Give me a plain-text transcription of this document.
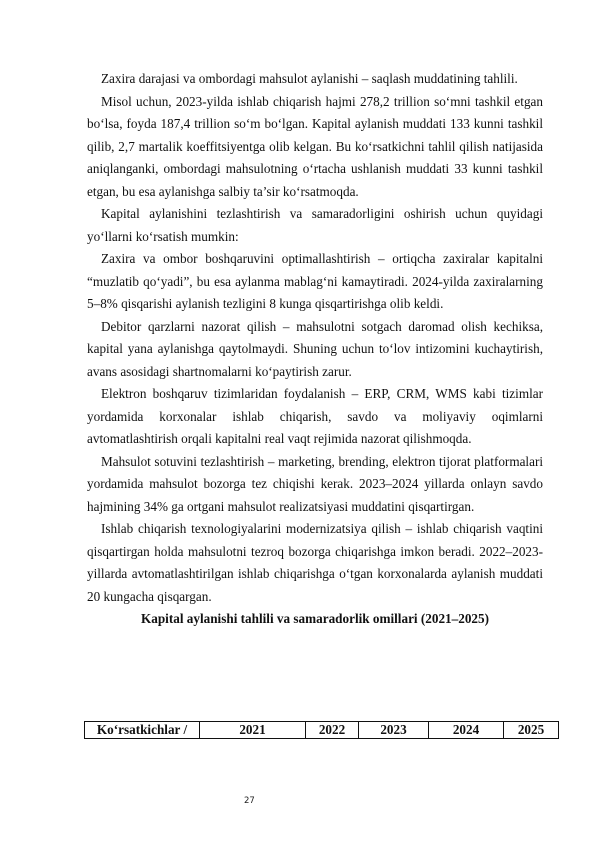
Zaxira darajasi va ombordagi mahsulot aylanishi – saqlash muddatining tahlili.

Misol uchun, 2023-yilda ishlab chiqarish hajmi 278,2 trillion so‘mni tashkil etgan bo‘lsa, foyda 187,4 trillion so‘m bo‘lgan. Kapital aylanish muddati 133 kunni tashkil qilib, 2,7 martalik koeffitsiyentga olib kelgan. Bu ko‘rsatkichni tahlil qilish natijasida aniqlanganki, ombordagi mahsulotning o‘rtacha ushlanish muddati 33 kunni tashkil etgan, bu esa aylanishga salbiy ta’sir ko‘rsatmoqda.

Kapital aylanishini tezlashtirish va samaradorligini oshirish uchun quyidagi yo‘llarni ko‘rsatish mumkin:

Zaxira va ombor boshqaruvini optimallashtirish – ortiqcha zaxiralar kapitalni “muzlatib qo‘yadi”, bu esa aylanma mablag‘ni kamaytiradi. 2024-yilda zaxiralarning 5–8% qisqarishi aylanish tezligini 8 kunga qisqartirishga olib keldi.

Debitor qarzlarni nazorat qilish – mahsulotni sotgach daromad olish kechiksa, kapital yana aylanishga qaytolmaydi. Shuning uchun to‘lov intizomini kuchaytirish, avans asosidagi shartnomalarni ko‘paytirish zarur.

Elektron boshqaruv tizimlaridan foydalanish – ERP, CRM, WMS kabi tizimlar yordamida korxonalar ishlab chiqarish, savdo va moliyaviy oqimlarni avtomatlashtirish orqali kapitalni real vaqt rejimida nazorat qilishmoqda.

Mahsulot sotuvini tezlashtirish – marketing, brending, elektron tijorat platformalari yordamida mahsulot bozorga tez chiqishi kerak. 2023–2024 yillarda onlayn savdo hajmining 34% ga ortgani mahsulot realizatsiyasi muddatini qisqartirgan.

Ishlab chiqarish texnologiyalarini modernizatsiya qilish – ishlab chiqarish vaqtini qisqartirgan holda mahsulotni tezroq bozorga chiqarishga imkon beradi. 2022–2023-yillarda avtomatlashtirilgan ishlab chiqarishga o‘tgan korxonalarda aylanish muddati 20 kungacha qisqargan.

Kapital aylanishi tahlili va samaradorlik omillari (2021–2025)

Ko‘rsatkichlar /	2021	2022	2023	2024	2025
27
